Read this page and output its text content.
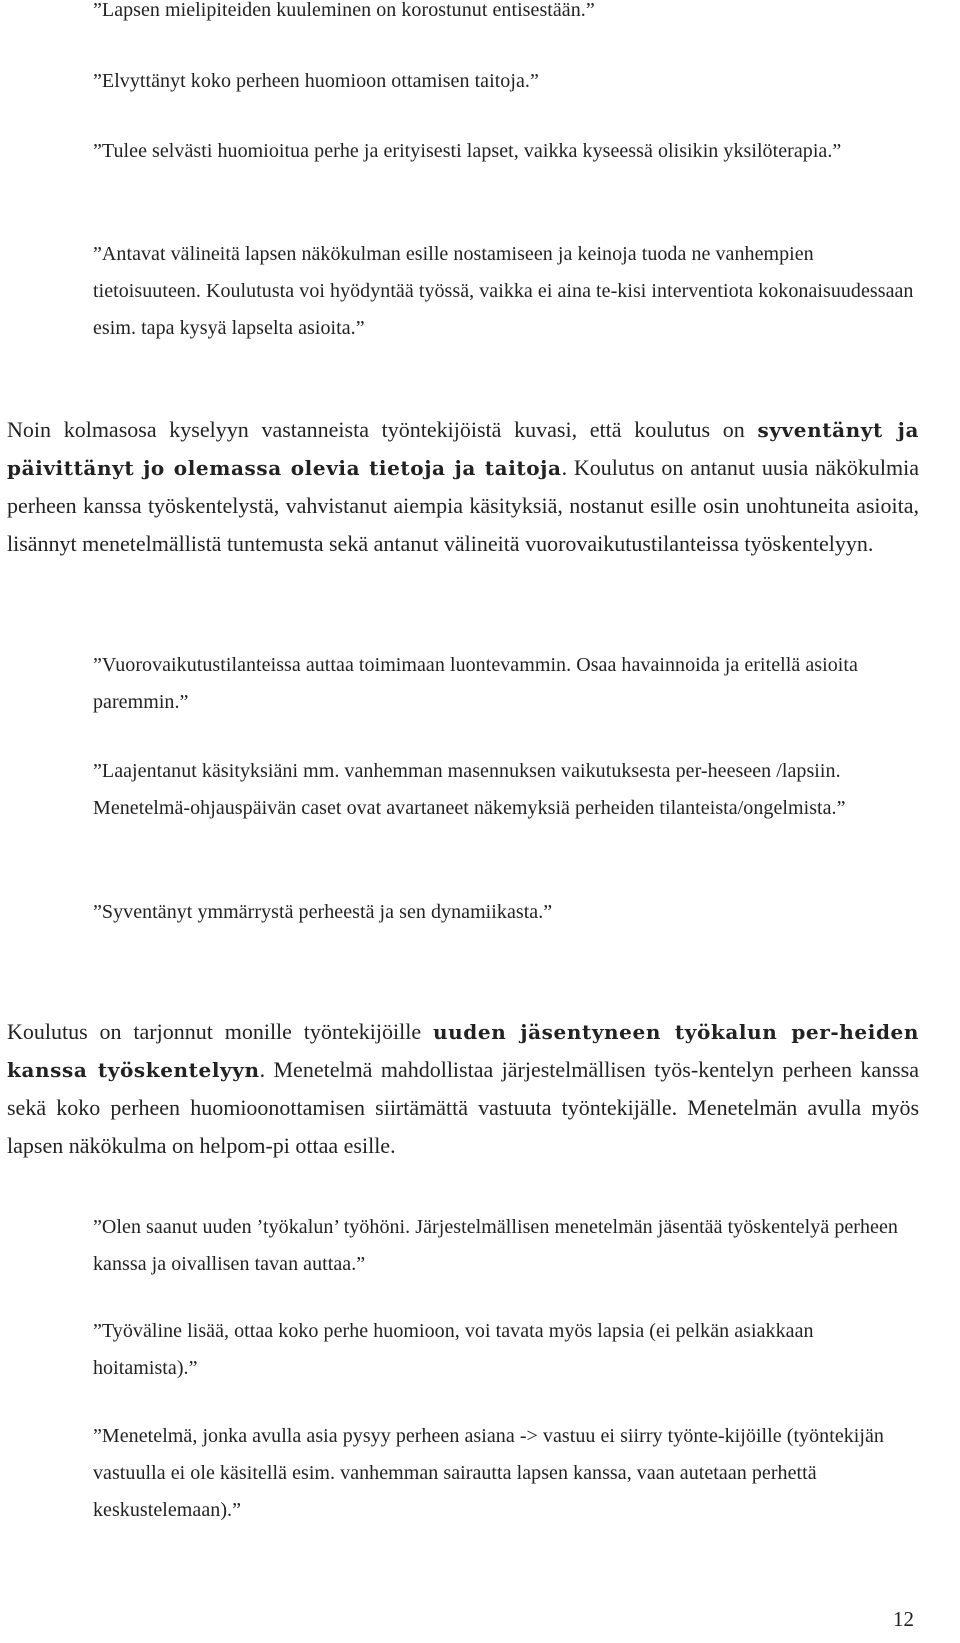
”Lapsen mielipiteiden kuuleminen on korostunut entisestään.”

”Elvyttänyt koko perheen huomioon ottamisen taitoja.”

”Tulee selvästi huomioitua perhe ja erityisesti lapset, vaikka kyseessä olisikin yksilöterapia.”

”Antavat välineitä lapsen näkökulman esille nostamiseen ja keinoja tuoda ne vanhempien tietoisuuteen. Koulutusta voi hyödyntää työssä, vaikka ei aina te-kisi interventiota kokonaisuudessaan esim. tapa kysyä lapselta asioita.”

Noin kolmasosa kyselyyn vastanneista työntekijöistä kuvasi, että koulutus on syventänyt ja päivittänyt jo olemassa olevia tietoja ja taitoja. Koulutus on antanut uusia näkökulmia perheen kanssa työskentelystä, vahvistanut aiempia käsityksiä, nostanut esille osin unohtuneita asioita, lisännyt menetelmällistä tuntemusta sekä antanut välineitä vuorovaikutustilanteissa työskentelyyn.

”Vuorovaikutustilanteissa auttaa toimimaan luontevammin. Osaa havainnoida ja eritellä asioita paremmin.”

”Laajentanut käsityksiäni mm. vanhemman masennuksen vaikutuksesta per-heeseen /lapsiin. Menetelmä-ohjauspäivän caset ovat avartaneet näkemyksiä perheiden tilanteista/ongelmista.”

”Syventänyt ymmärrystä perheestä ja sen dynamiikasta.”

Koulutus on tarjonnut monille työntekijöille uuden jäsentyneen työkalun per-heiden kanssa työskentelyyn. Menetelmä mahdollistaa järjestelmällisen työs-kentelyn perheen kanssa sekä koko perheen huomioonottamisen siirtämättä vastuuta työntekijälle. Menetelmän avulla myös lapsen näkökulma on helpom-pi ottaa esille.

”Olen saanut uuden ’työkalun’ työhöni. Järjestelmällisen menetelmän jäsentää työskentelyä perheen kanssa ja oivallisen tavan auttaa.”

”Työväline lisää, ottaa koko perhe huomioon, voi tavata myös lapsia (ei pelkän asiakkaan hoitamista).”

”Menetelmä, jonka avulla asia pysyy perheen asiana -> vastuu ei siirry työnte-kijöille (työntekijän vastuulla ei ole käsitellä esim. vanhemman sairautta lapsen kanssa, vaan autetaan perhettä keskustelemaan).”

12
